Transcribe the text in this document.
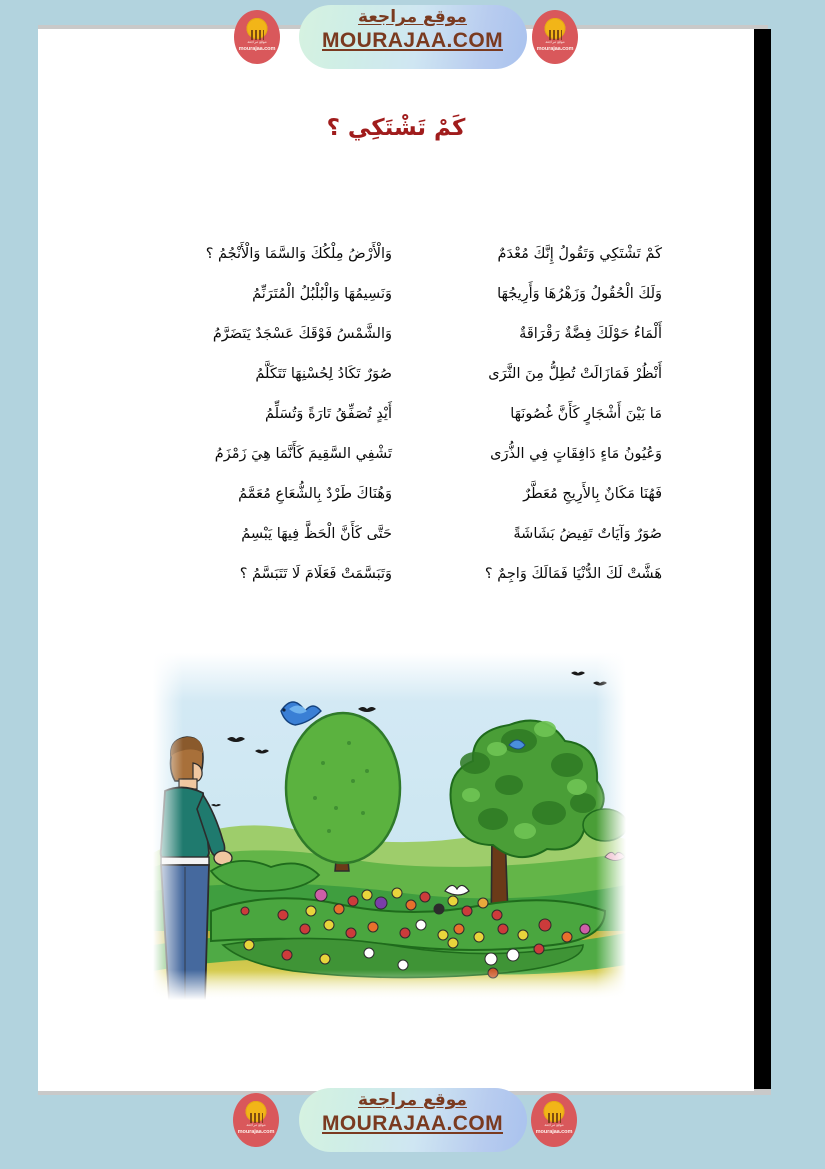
كَمْ تَشْتَكِي ؟
كَمْ تَشْتَكِي وَتَقُولُ إِنَّكَ مُعْدَمٌ
وَلَكَ الْحُقُولُ وَزَهْرُهَا وَأَرِيجُهَا
أَلْمَاءُ حَوْلَكَ فِضَّةٌ رَقْرَاقَةٌ
أَنْظُرْ فَمَازَالَتْ تُطِلُّ مِنَ الثَّرَى
مَا بَيْنَ أَشْجَارٍ كَأَنَّ غُصُونَهَا
وَعُيُونُ مَاءٍ دَافِقَاتٍ فِي الذُّرَى
فَهُنَا مَكَانٌ بِالأَرِيجِ مُعَطَّرٌ
صُوَرٌ وَآيَاتٌ تَفِيضُ بَشَاشَةً
هَشَّتْ لَكَ الدُّنْيَا فَمَالَكَ وَاجِمٌ ؟
وَالْأَرْضُ مِلْكُكَ وَالسَّمَا وَالْأَنْجُمُ ؟
وَنَسِيمُهَا وَالْبُلْبُلُ الْمُتَرَنِّمُ
وَالشَّمْسُ فَوْقَكَ عَسْجَدٌ يَتَضَرَّمُ
صُوَرٌ تَكَادُ لِحُسْنِهَا تَتَكَلَّمُ
أَيْدٍ تُصَفِّقُ تَارَةً وَتُسَلِّمُ
تَشْفِي السَّقِيمَ كَأَنَّمَا هِيَ زَمْزَمُ
وَهُنَاكَ طَرْدٌ بِالشُّعَاعِ مُعَمَّمُ
حَتَّى كَأَنَّ الْحَظَّ فِيهَا يَبْسِمُ
وَتَبَسَّمَتْ فَعَلَامَ لَا تَتَبَسَّمُ ؟
موقع مراجعة
mourajaa.com
موقع مراجعة
mourajaa.com
موقع مراجعة
MOURAJAA.COM
موقع مراجعة
mourajaa.com
موقع مراجعة
mourajaa.com
موقع مراجعة
MOURAJAA.COM
